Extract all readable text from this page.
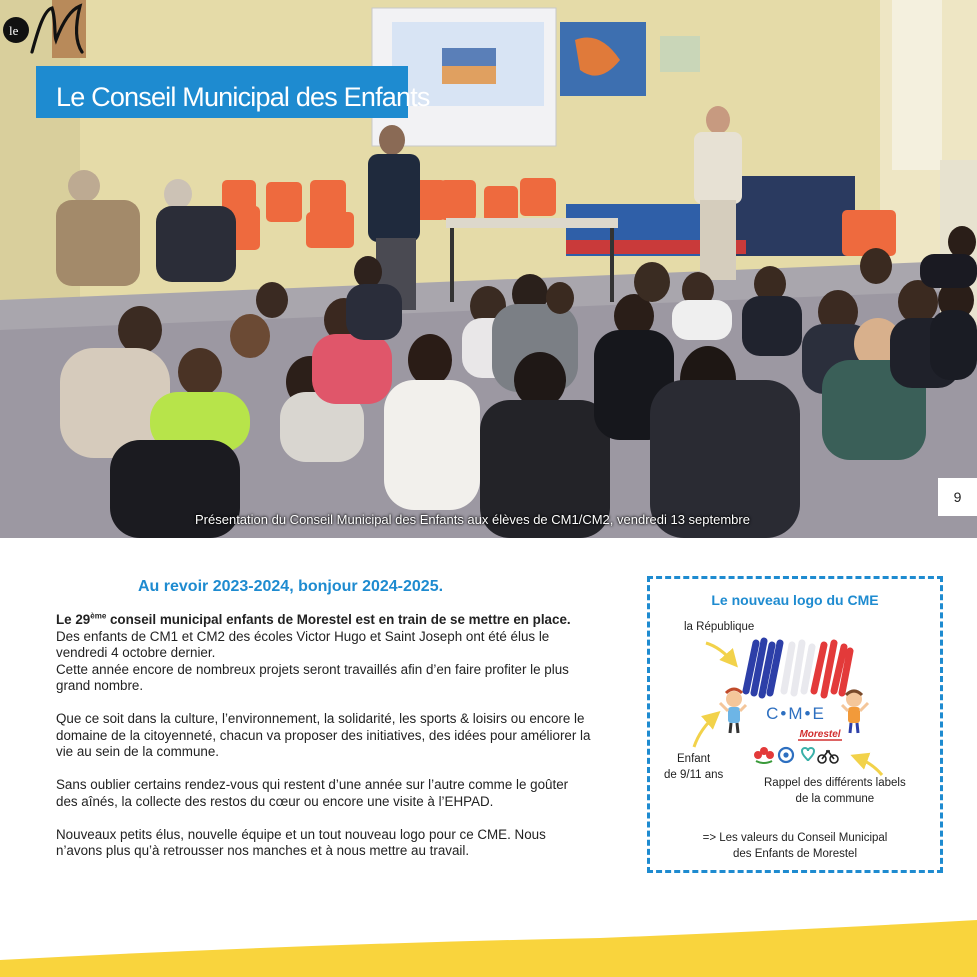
Le Conseil Municipal des Enfants
le
9
Présentation du Conseil Municipal des Enfants aux élèves de CM1/CM2, vendredi 13 septembre
Au revoir 2023-2024, bonjour 2024-2025.

Le 29ème conseil municipal enfants de Morestel est en train de se mettre en place.

Des enfants de CM1 et CM2 des écoles Victor Hugo et Saint Joseph ont été élus le vendredi 4 octobre dernier.

Cette année encore de nombreux projets seront travaillés afin d’en faire profiter le plus grand nombre.

Que ce soit dans la culture, l’environnement, la solidarité, les sports & loisirs ou encore le domaine de la citoyenneté, chacun va proposer des initiatives, des idées pour améliorer la vie au sein de la commune.

Sans oublier certains rendez-vous qui restent d’une année sur l’autre comme le goûter des aînés, la collecte des restos du cœur ou encore une visite à l’EHPAD.

Nouveaux petits élus, nouvelle équipe et un tout nouveau logo pour ce CME. Nous n’avons plus qu’à retrousser nos manches et à nous mettre au travail.

Le nouveau logo du CME
la République
Enfant
de 9/11 ans
Rappel des différents labels
de la commune
C•M•E
Morestel
=> Les valeurs du Conseil Municipal
des Enfants de Morestel
